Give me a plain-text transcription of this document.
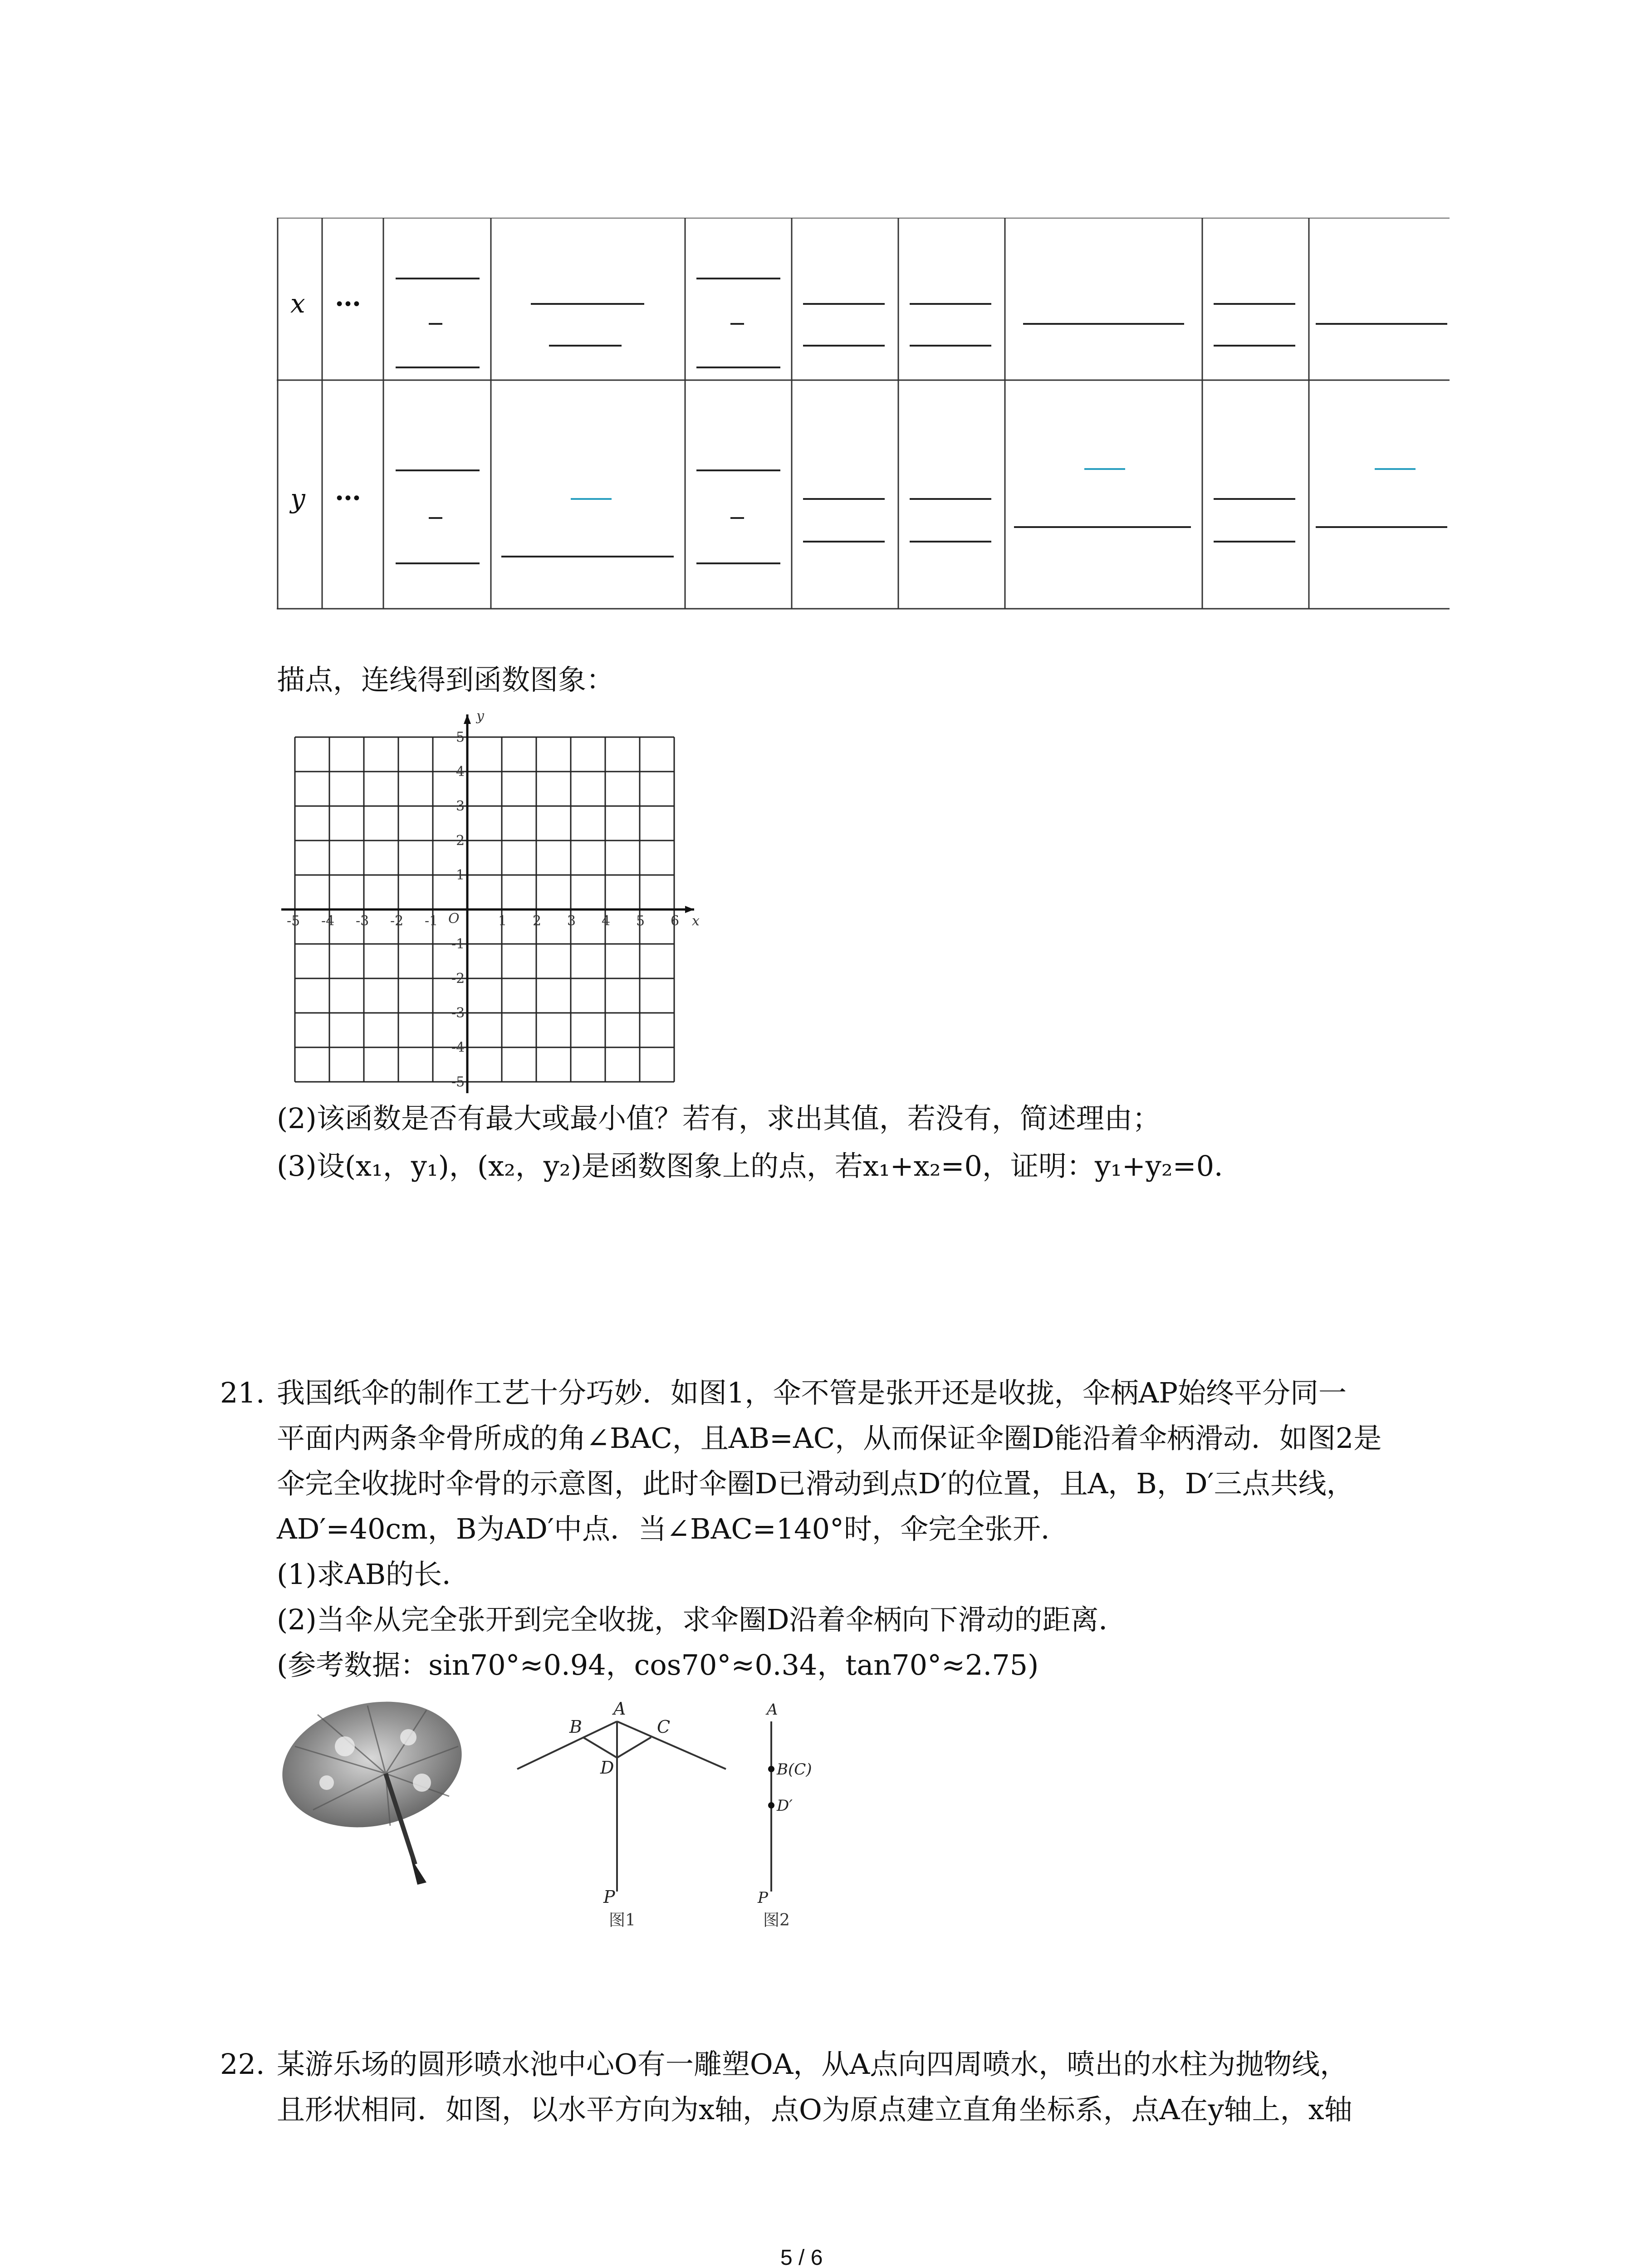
x
y
…
…
描点，连线得到函数图象：
y
x
O
-5 -4 -3 -2 -1	1 2 3 4 5 6
5
4
3
2
1
-1
-2
-3
-4
-5
(2)该函数是否有最大或最小值？若有，求出其值，若没有，简述理由；
(3)设(x₁，y₁)，(x₂，y₂)是函数图象上的点，若x₁+x₂=0，证明：y₁+y₂=0．
21. 我国纸伞的制作工艺十分巧妙．如图1，伞不管是张开还是收拢，伞柄AP始终平分同一
平面内两条伞骨所成的角∠BAC，且AB=AC，从而保证伞圈D能沿着伞柄滑动．如图2是
伞完全收拢时伞骨的示意图，此时伞圈D已滑动到点D′的位置，且A，B，D′三点共线，
AD′=40cm，B为AD′中点．当∠BAC=140°时，伞完全张开．
(1)求AB的长．
(2)当伞从完全张开到完全收拢，求伞圈D沿着伞柄向下滑动的距离．
(参考数据：sin70°≈0.94，cos70°≈0.34，tan70°≈2.75)
A
B	C
D
P
图1
A
B(C)
D′
P
图2
22. 某游乐场的圆形喷水池中心O有一雕塑OA，从A点向四周喷水，喷出的水柱为抛物线，
且形状相同．如图，以水平方向为x轴，点O为原点建立直角坐标系，点A在y轴上，x轴
5 / 6
